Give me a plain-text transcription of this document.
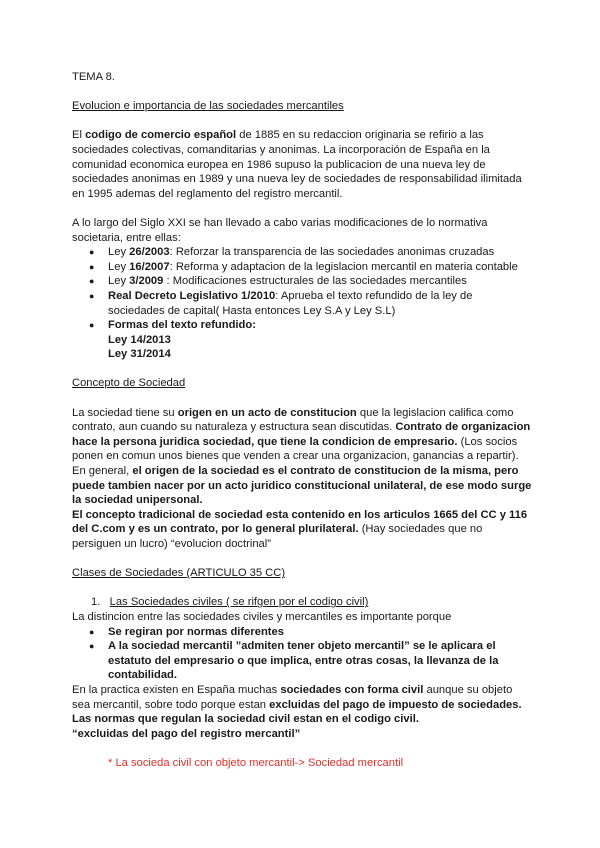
TEMA 8.

Evolucion e importancia de las sociedades mercantiles

El codigo de comercio español de 1885 en su redaccion originaria se refirio a las sociedades colectivas, comanditarias y anonimas. La incorporación de España en la comunidad economica europea en 1986 supuso la publicacion de una nueva ley de sociedades anonimas en 1989 y una nueva ley de sociedades de responsabilidad ilimitada en 1995 ademas del reglamento del registro mercantil.

A lo largo del Siglo XXI se han llevado a cabo varias modificaciones de lo normativa societaria, entre ellas:

● Ley 26/2003: Reforzar la transparencia de las sociedades anonimas cruzadas
● Ley 16/2007: Reforma y adaptacion de la legislacion mercantil en materia contable
● Ley 3/2009 : Modificaciones estructurales de las sociedades mercantiles
● Real Decreto Legislativo 1/2010: Aprueba el texto refundido de la ley de sociedades de capital( Hasta entonces Ley S.A y Ley S.L)
● Formas del texto refundido:
Ley 14/2013
Ley 31/2014

Concepto de Sociedad

La sociedad tiene su origen en un acto de constitucion que la legislacion califica como contrato, aun cuando su naturaleza y estructura sean discutidas. Contrato de organizacion hace la persona juridica sociedad, que tiene la condicion de empresario. (Los socios ponen en comun unos bienes que venden a crear una organizacion, ganancias a repartir).

En general, el origen de la sociedad es el contrato de constitucion de la misma, pero puede tambien nacer por un acto juridico constitucional unilateral, de ese modo surge la sociedad unipersonal.

El concepto tradicional de sociedad esta contenido en los articulos 1665 del CC y 116 del C.com y es un contrato, por lo general plurilateral. (Hay sociedades que no persiguen un lucro) “evolucion doctrinal”

Clases de Sociedades (ARTICULO 35 CC)

1. Las Sociedades civiles ( se rifgen por el codigo civil)

La distincion entre las sociedades civiles y mercantiles es importante porque

● Se regiran por normas diferentes
● A la sociedad mercantil ”admiten tener objeto mercantil” se le aplicara el estatuto del empresario o que implica, entre otras cosas, la llevanza de la contabilidad.

En la practica existen en España muchas sociedades con forma civil aunque su objeto sea mercantil, sobre todo porque estan excluidas del pago de impuesto de sociedades.

Las normas que regulan la sociedad civil estan en el codigo civil.

“excluidas del pago del registro mercantil”

* La socieda civil con objeto mercantil-> Sociedad mercantil
